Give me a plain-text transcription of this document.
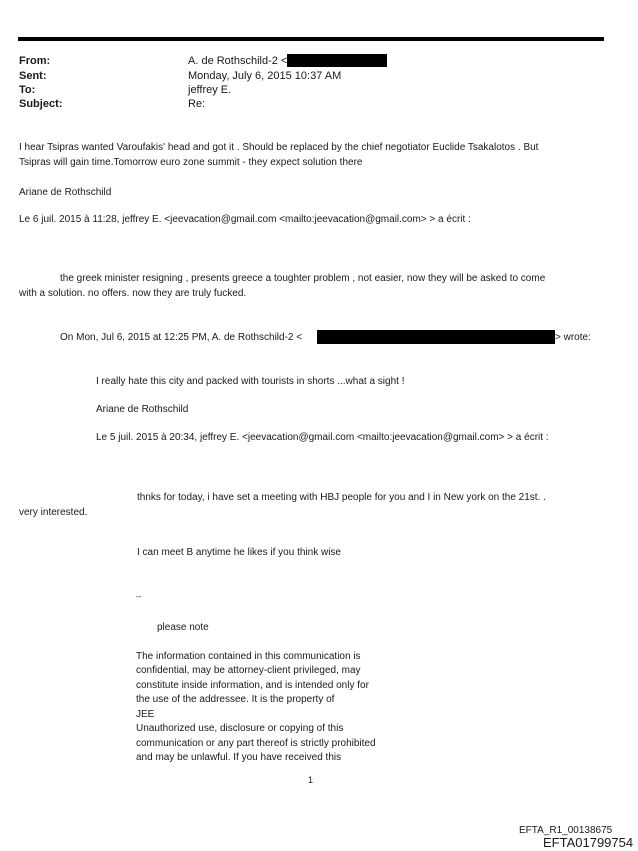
From:	A. de Rothschild-2 <
Sent:	Monday, July 6, 2015 10:37 AM
To:	jeffrey E.
Subject:	Re:
I hear Tsipras wanted Varoufakis' head and got it . Should be replaced by the chief negotiator Euclide Tsakalotos . But
Tsipras will gain time.Tomorrow euro zone summit - they expect solution there
Ariane de Rothschild
Le 6 juil. 2015 à 11:28, jeffrey E. <jeevacation@gmail.com <mailto:jeevacation@gmail.com> > a écrit :
the greek minister resigning , presents greece a toughter problem , not easier, now they will be asked to come
with a solution. no offers. now they are truly fucked.
On Mon, Jul 6, 2015 at 12:25 PM, A. de Rothschild-2 <	> wrote:
I really hate this city and packed with tourists in shorts ...what a sight !
Ariane de Rothschild
Le 5 juil. 2015 à 20:34, jeffrey E. <jeevacation@gmail.com <mailto:jeevacation@gmail.com> > a écrit :
thnks for today, i have set a meeting with HBJ people for you and I in New york on the 21st. .
very interested.
I can meet B anytime he likes if you think wise
--
please note
The information contained in this communication is
confidential, may be attorney-client privileged, may
constitute inside information, and is intended only for
the use of the addressee. It is the property of
JEE
Unauthorized use, disclosure or copying of this
communication or any part thereof is strictly prohibited
and may be unlawful. If you have received this
1
EFTA_R1_00138675
EFTA01799754
